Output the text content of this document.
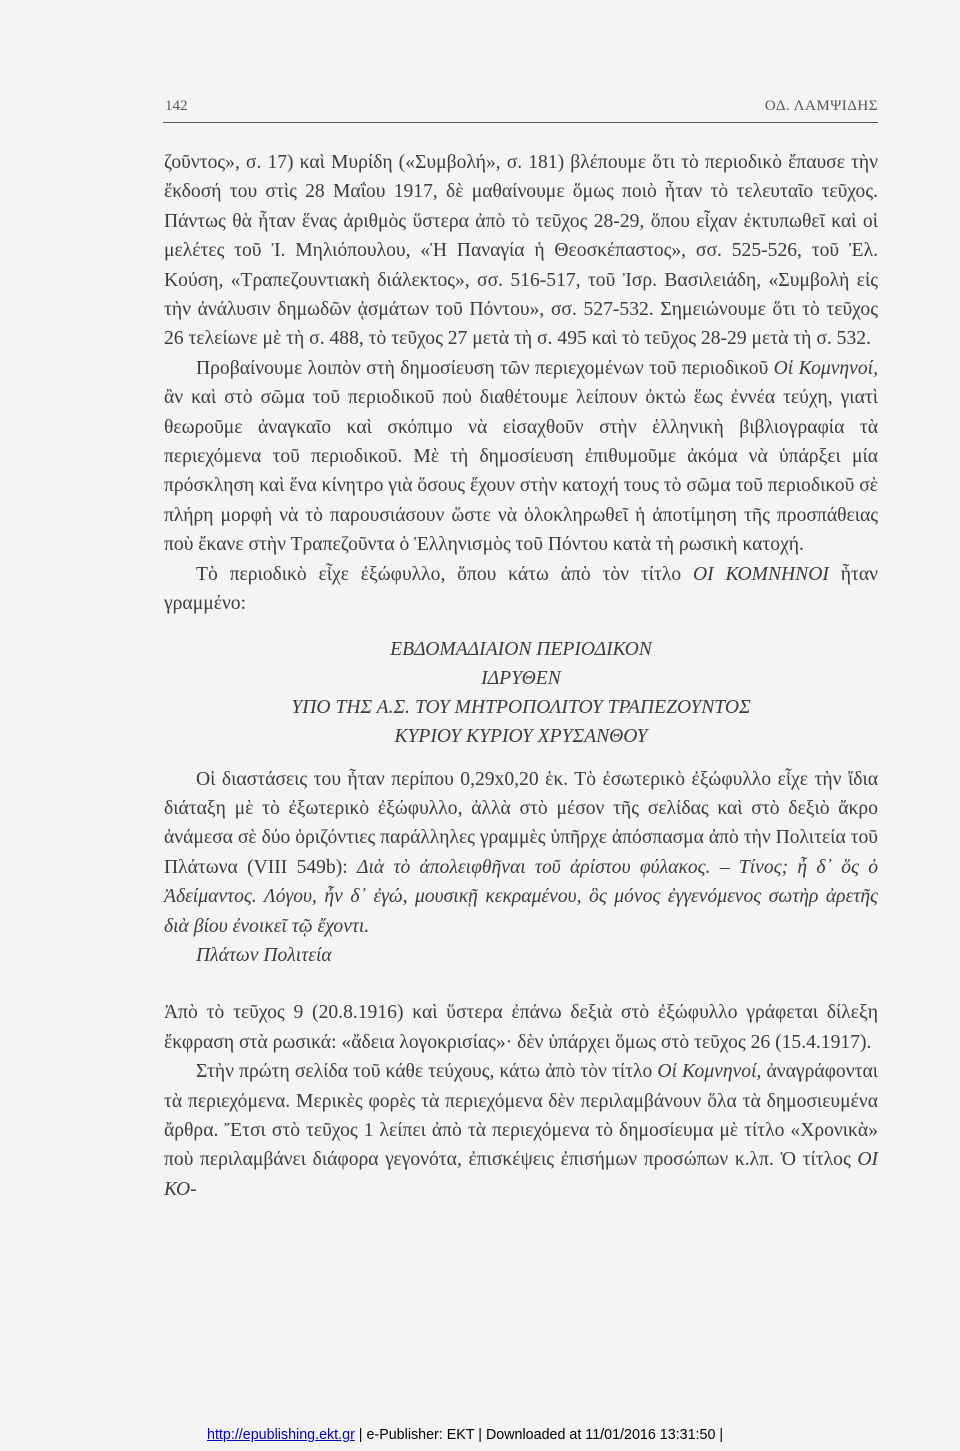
142	ΟΔ. ΛΑΜΨΙΔΗΣ

ζοῦντος», σ. 17) καὶ Μυρίδη («Συμβολή», σ. 181) βλέπουμε ὅτι τὸ περιοδικὸ ἔπαυσε τὴν ἔκδοσή του στὶς 28 Μαΐου 1917, δὲ μαθαίνουμε ὅμως ποιὸ ἦταν τὸ τελευταῖο τεῦχος. Πάντως θὰ ἦταν ἕνας ἀριθμὸς ὕστερα ἀπὸ τὸ τεῦχος 28-29, ὅπου εἶχαν ἐκτυπωθεῖ καὶ οἱ μελέτες τοῦ Ἰ. Μηλιόπουλου, «Ἡ Παναγία ἡ Θεοσκέπαστος», σσ. 525-526, τοῦ Ἐλ. Κούση, «Τραπεζουντιακὴ διάλεκτος», σσ. 516-517, τοῦ Ἰσρ. Βασιλειάδη, «Συμβολὴ εἰς τὴν ἀνάλυσιν δημωδῶν ᾀσμάτων τοῦ Πόντου», σσ. 527-532. Σημειώνουμε ὅτι τὸ τεῦχος 26 τελείωνε μὲ τὴ σ. 488, τὸ τεῦχος 27 μετὰ τὴ σ. 495 καὶ τὸ τεῦχος 28-29 μετὰ τὴ σ. 532.

Προβαίνουμε λοιπὸν στὴ δημοσίευση τῶν περιεχομένων τοῦ περιοδικοῦ Οἱ Κομνηνοί, ἂν καὶ στὸ σῶμα τοῦ περιοδικοῦ ποὺ διαθέτουμε λείπουν ὀκτὼ ἕως ἐννέα τεύχη, γιατὶ θεωροῦμε ἀναγκαῖο καὶ σκόπιμο νὰ εἰσαχθοῦν στὴν ἑλληνικὴ βιβλιογραφία τὰ περιεχόμενα τοῦ περιοδικοῦ. Μὲ τὴ δημοσίευση ἐπιθυμοῦμε ἀκόμα νὰ ὑπάρξει μία πρόσκληση καὶ ἕνα κίνητρο γιὰ ὅσους ἔχουν στὴν κατοχή τους τὸ σῶμα τοῦ περιοδικοῦ σὲ πλήρη μορφὴ νὰ τὸ παρουσιάσουν ὥστε νὰ ὁλοκληρωθεῖ ἡ ἀποτίμηση τῆς προσπάθειας ποὺ ἔκανε στὴν Τραπεζοῦντα ὁ Ἑλληνισμὸς τοῦ Πόντου κατὰ τὴ ρωσικὴ κατοχή.

Τὸ περιοδικὸ εἶχε ἐξώφυλλο, ὅπου κάτω ἀπὸ τὸν τίτλο ΟΙ ΚΟΜΝΗΝΟΙ ἦταν γραμμένο:

ΕΒΔΟΜΑΔΙΑΙΟΝ ΠΕΡΙΟΔΙΚΟΝ

ΙΔΡΥΘΕΝ

ΥΠΟ ΤΗΣ Α.Σ. ΤΟΥ ΜΗΤΡΟΠΟΛΙΤΟΥ ΤΡΑΠΕΖΟΥΝΤΟΣ

ΚΥΡΙΟΥ ΚΥΡΙΟΥ ΧΡΥΣΑΝΘΟΥ

Οἱ διαστάσεις του ἦταν περίπου 0,29x0,20 ἑκ. Τὸ ἐσωτερικὸ ἐξώφυλλο εἶχε τὴν ἴδια διάταξη μὲ τὸ ἐξωτερικὸ ἐξώφυλλο, ἀλλὰ στὸ μέσον τῆς σελίδας καὶ στὸ δεξιὸ ἄκρο ἀνάμεσα σὲ δύο ὁριζόντιες παράλληλες γραμμὲς ὑπῆρχε ἀπόσπασμα ἀπὸ τὴν Πολιτεία τοῦ Πλάτωνα (VIII 549b): Διὰ τὸ ἀπολειφθῆναι τοῦ ἀρίστου φύλακος. – Τίνος; ἦ δ᾽ ὅς ὁ Ἀδείμαντος. Λόγου, ἦν δ᾽ ἐγώ, μουσικῇ κεκραμένου, ὃς μόνος ἐγγενόμενος σωτὴρ ἀρετῆς διὰ βίου ἐνοικεῖ τῷ ἔχοντι.

Πλάτων Πολιτεία

Ἀπὸ τὸ τεῦχος 9 (20.8.1916) καὶ ὕστερα ἐπάνω δεξιὰ στὸ ἐξώφυλλο γράφεται δίλεξη ἔκφραση στὰ ρωσικά: «ἄδεια λογοκρισίας»· δὲν ὑπάρχει ὅμως στὸ τεῦχος 26 (15.4.1917).

Στὴν πρώτη σελίδα τοῦ κάθε τεύχους, κάτω ἀπὸ τὸν τίτλο Οἱ Κομνηνοί, ἀναγράφονται τὰ περιεχόμενα. Μερικὲς φορὲς τὰ περιεχόμενα δὲν περιλαμβάνουν ὅλα τὰ δημοσιευμένα ἄρθρα. Ἔτσι στὸ τεῦχος 1 λείπει ἀπὸ τὰ περιεχόμενα τὸ δημοσίευμα μὲ τίτλο «Χρονικὰ» ποὺ περιλαμβάνει διάφορα γεγονότα, ἐπισκέψεις ἐπισήμων προσώπων κ.λπ. Ὁ τίτλος ΟΙ ΚΟ-

http://epublishing.ekt.gr | e-Publisher: EKT | Downloaded at 11/01/2016 13:31:50 |
